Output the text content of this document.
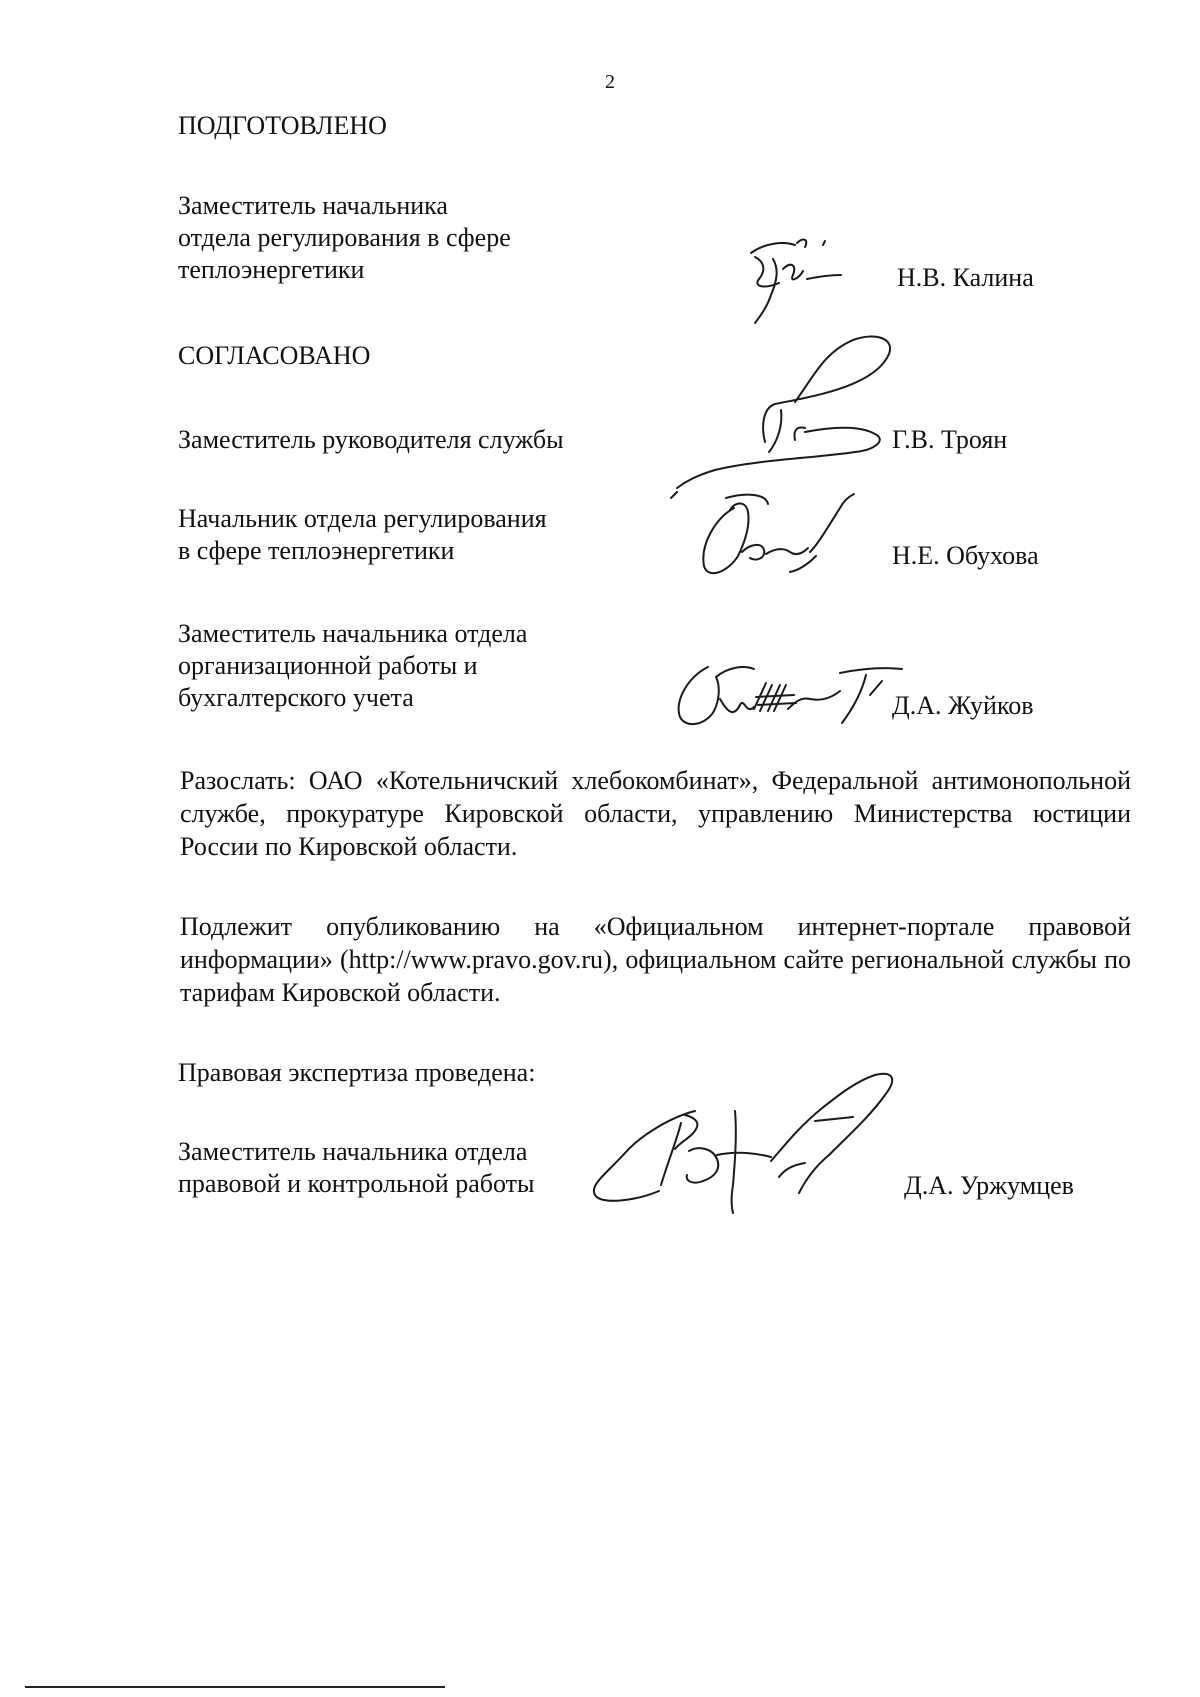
2
ПОДГОТОВЛЕНО
Заместитель начальника
отдела регулирования в сфере
теплоэнергетики	Н.В. Калина
СОГЛАСОВАНО
Заместитель руководителя службы	Г.В. Троян
Начальник отдела регулирования
в сфере теплоэнергетики	Н.Е. Обухова
Заместитель начальника отдела
организационной работы и
бухгалтерского учета	Д.А. Жуйков

Разослать: ОАО «Котельничский хлебокомбинат», Федеральной антимонопольной службе, прокуратуре Кировской области, управлению Министерства юстиции России по Кировской области.

Подлежит опубликованию на «Официальном интернет-портале правовой информации» (http://www.pravo.gov.ru), официальном сайте региональной службы по тарифам Кировской области.

Правовая экспертиза проведена:
Заместитель начальника отдела
правовой и контрольной работы	Д.А. Уржумцев
